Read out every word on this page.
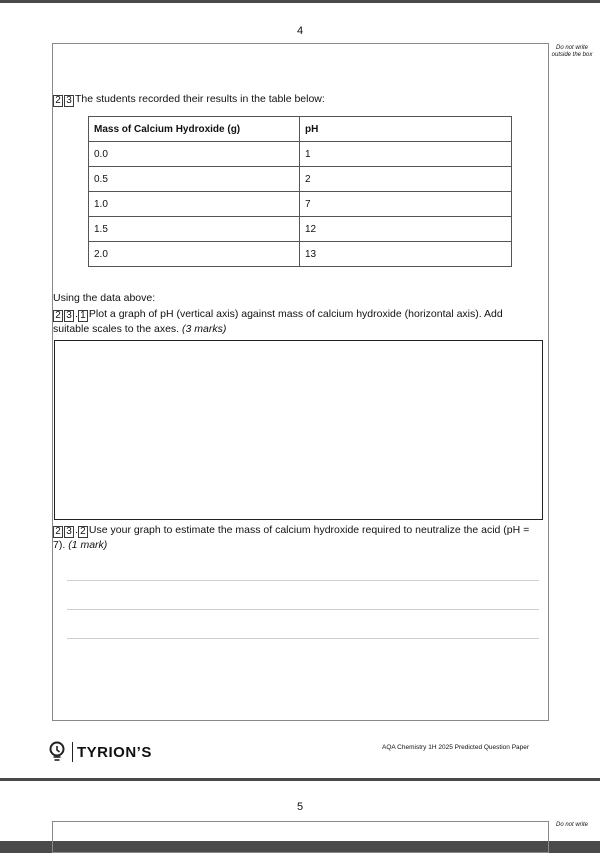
4
Do not write outside the box
2 3 The students recorded their results in the table below:
Mass of Calcium Hydroxide (g)	pH
0.0	1
0.5	2
1.0	7
1.5	12
2.0	13
Using the data above:
2 3 . 1 Plot a graph of pH (vertical axis) against mass of calcium hydroxide (horizontal axis). Add
suitable scales to the axes. (3 marks)
2 3 . 2 Use your graph to estimate the mass of calcium hydroxide required to neutralize the acid (pH =
7). (1 mark)
TYRION’S	AQA Chemistry 1H 2025 Predicted Question Paper
5
Do not write
